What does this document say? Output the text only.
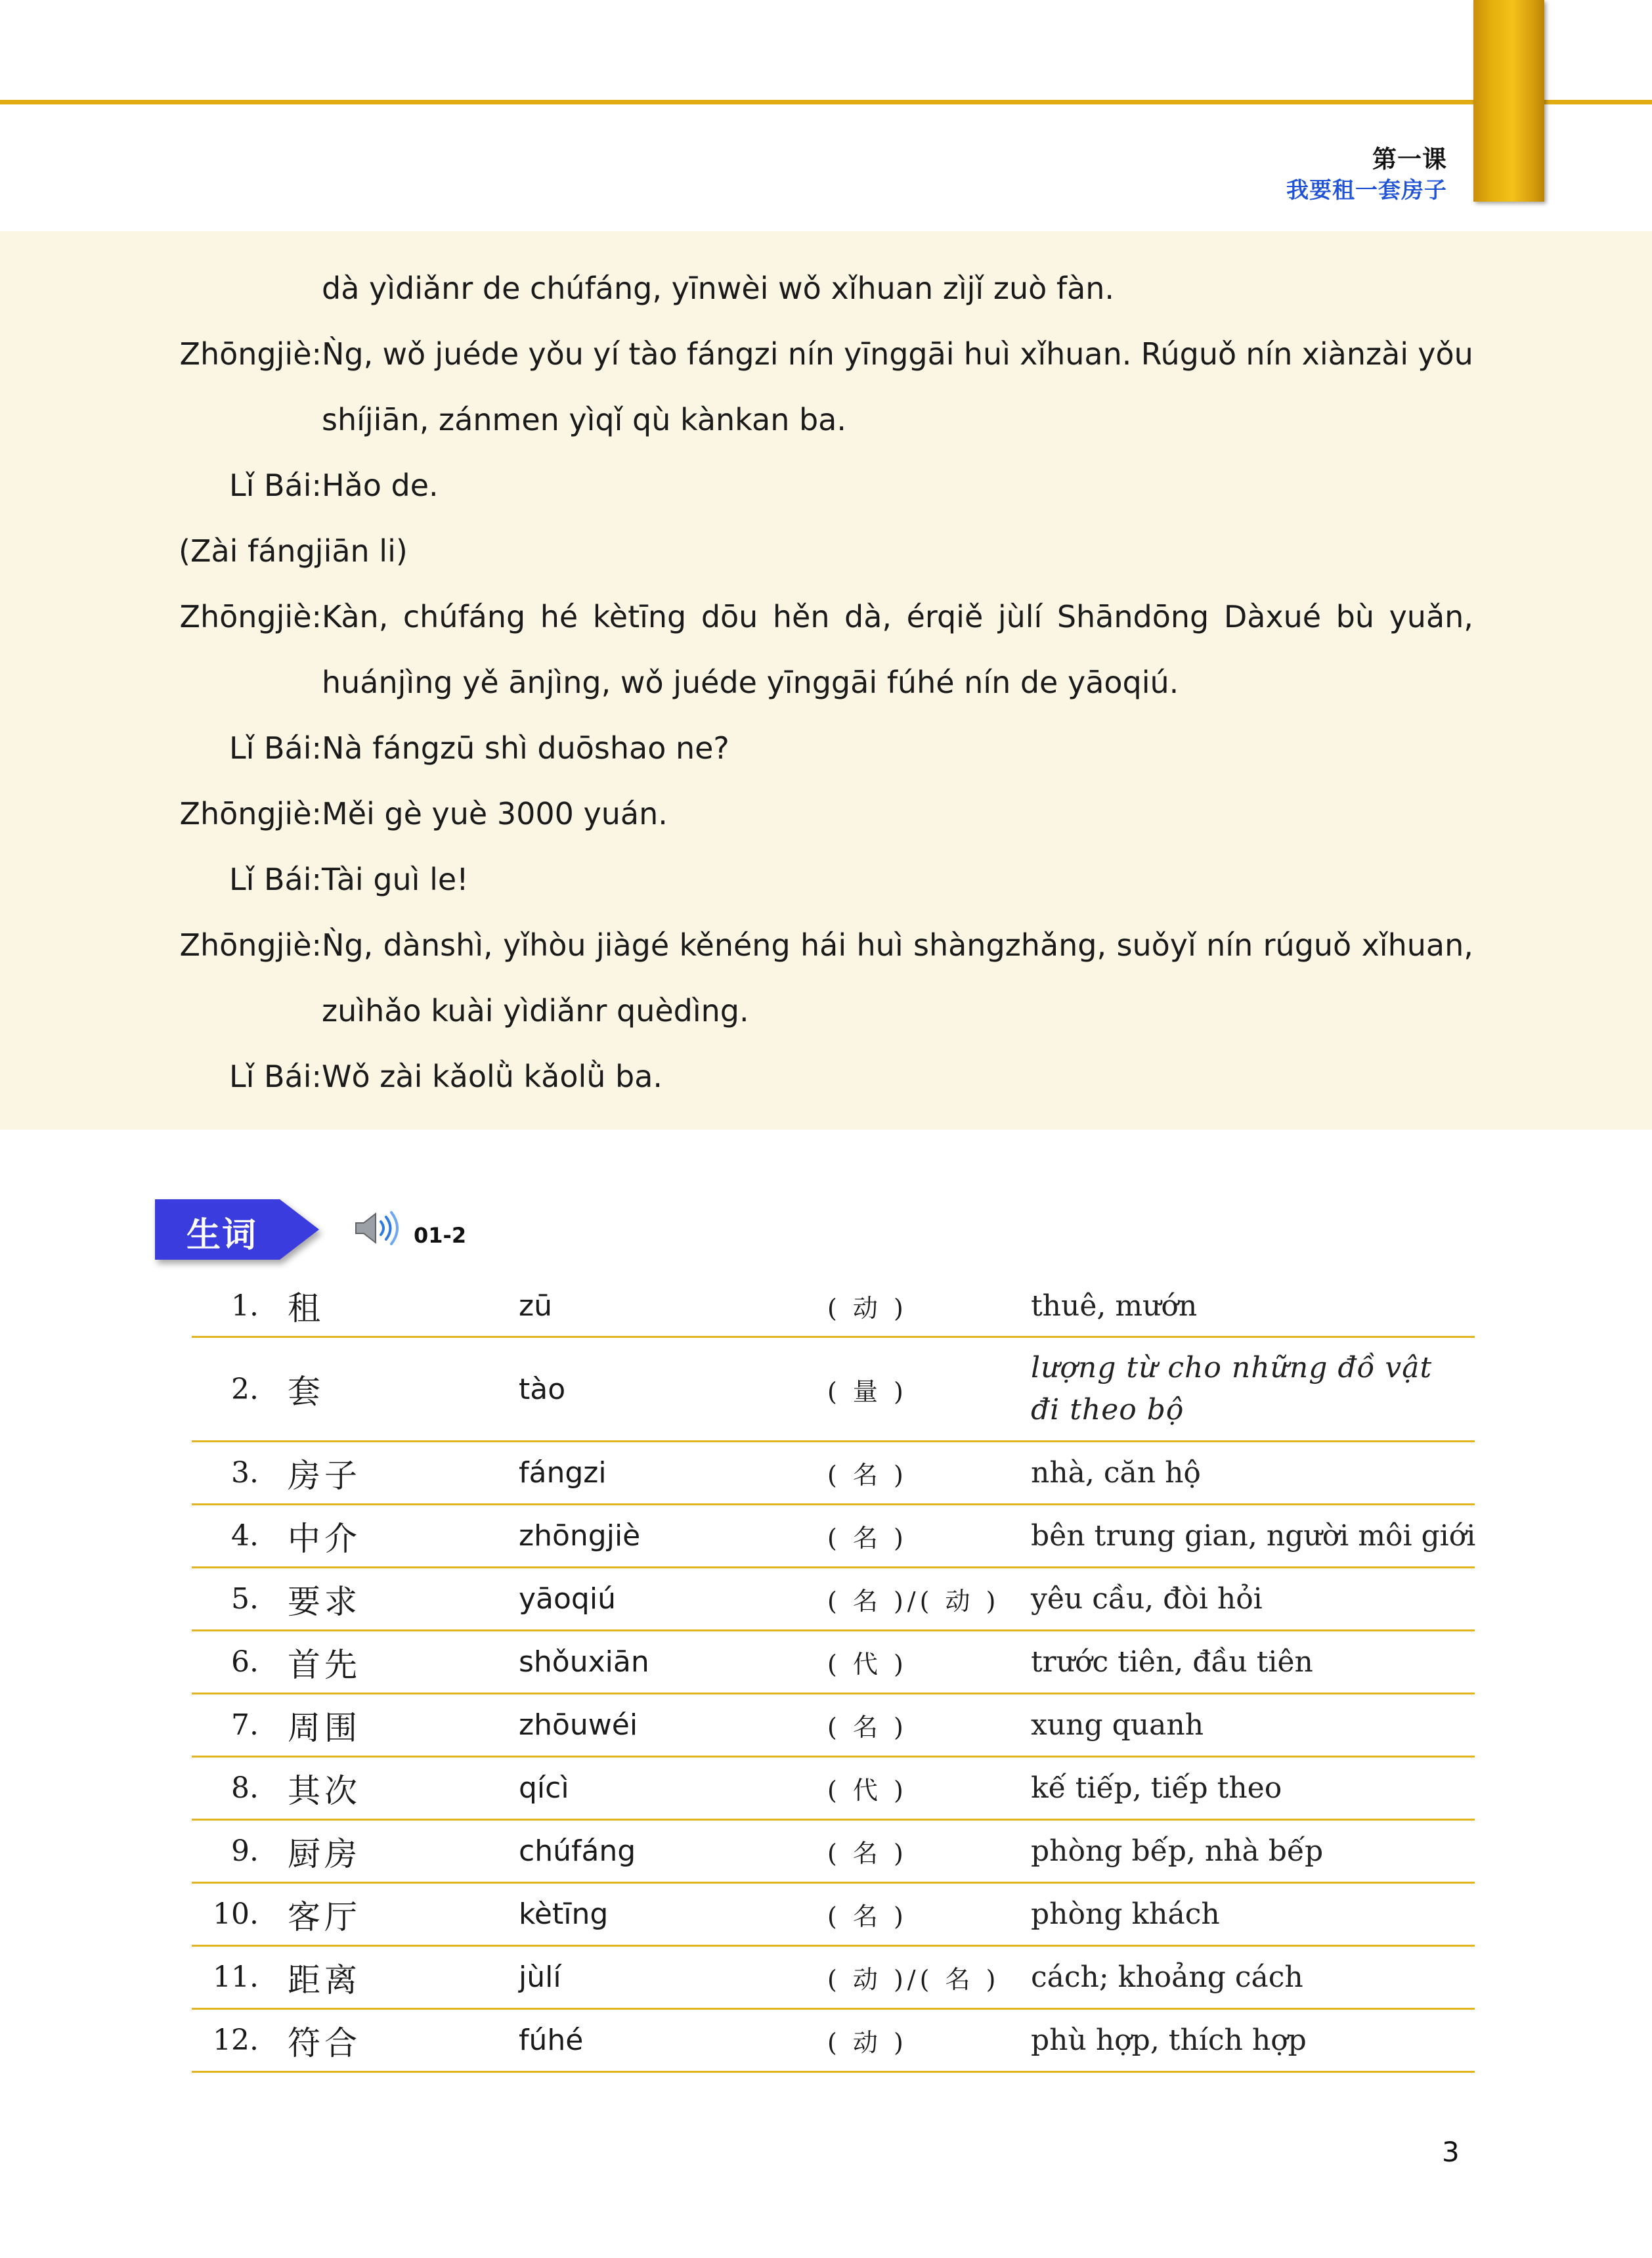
第一课
我要租一套房子
dà yìdiǎnr de chúfáng, yīnwèi wǒ xǐhuan zìjǐ zuò fàn.
Zhōngjiè: Ǹg, wǒ juéde yǒu yí tào fángzi nín yīnggāi huì xǐhuan. Rúguǒ nín xiànzài yǒu
shíjiān, zánmen yìqǐ qù kànkan ba.
Lǐ Bái: Hǎo de.
(Zài fángjiān li)
Zhōngjiè: Kàn, chúfáng hé kètīng dōu hěn dà, érqiě jùlí Shāndōng Dàxué bù yuǎn,
huánjìng yě ānjìng, wǒ juéde yīnggāi fúhé nín de yāoqiú.
Lǐ Bái: Nà fángzū shì duōshao ne?
Zhōngjiè: Měi gè yuè 3000 yuán.
Lǐ Bái: Tài guì le!
Zhōngjiè: Ǹg, dànshì, yǐhòu jiàgé kěnéng hái huì shàngzhǎng, suǒyǐ nín rúguǒ xǐhuan,
zuìhǎo kuài yìdiǎnr quèdìng.
Lǐ Bái: Wǒ zài kǎolǜ kǎolǜ ba.
生词	01-2
1. 租	zū	( 动 )	thuê, mướn
2. 套	tào	( 量 )
lượng từ cho những đồ vật đi theo bộ
3. 房子	fángzi	( 名 )	nhà, căn hộ
4. 中介	zhōngjiè	( 名 )	bên trung gian, người môi giới
5. 要求	yāoqiú	( 名 )/( 动 ) yêu cầu, đòi hỏi
6. 首先	shǒuxiān	( 代 )	trước tiên, đầu tiên
7. 周围	zhōuwéi	( 名 )	xung quanh
8. 其次	qícì	( 代 )	kế tiếp, tiếp theo
9. 厨房	chúfáng	( 名 )	phòng bếp, nhà bếp
10. 客厅	kètīng	( 名 )	phòng khách
11. 距离	jùlí	( 动 )/( 名 ) cách; khoảng cách
12. 符合	fúhé	( 动 )	phù hợp, thích hợp
3
